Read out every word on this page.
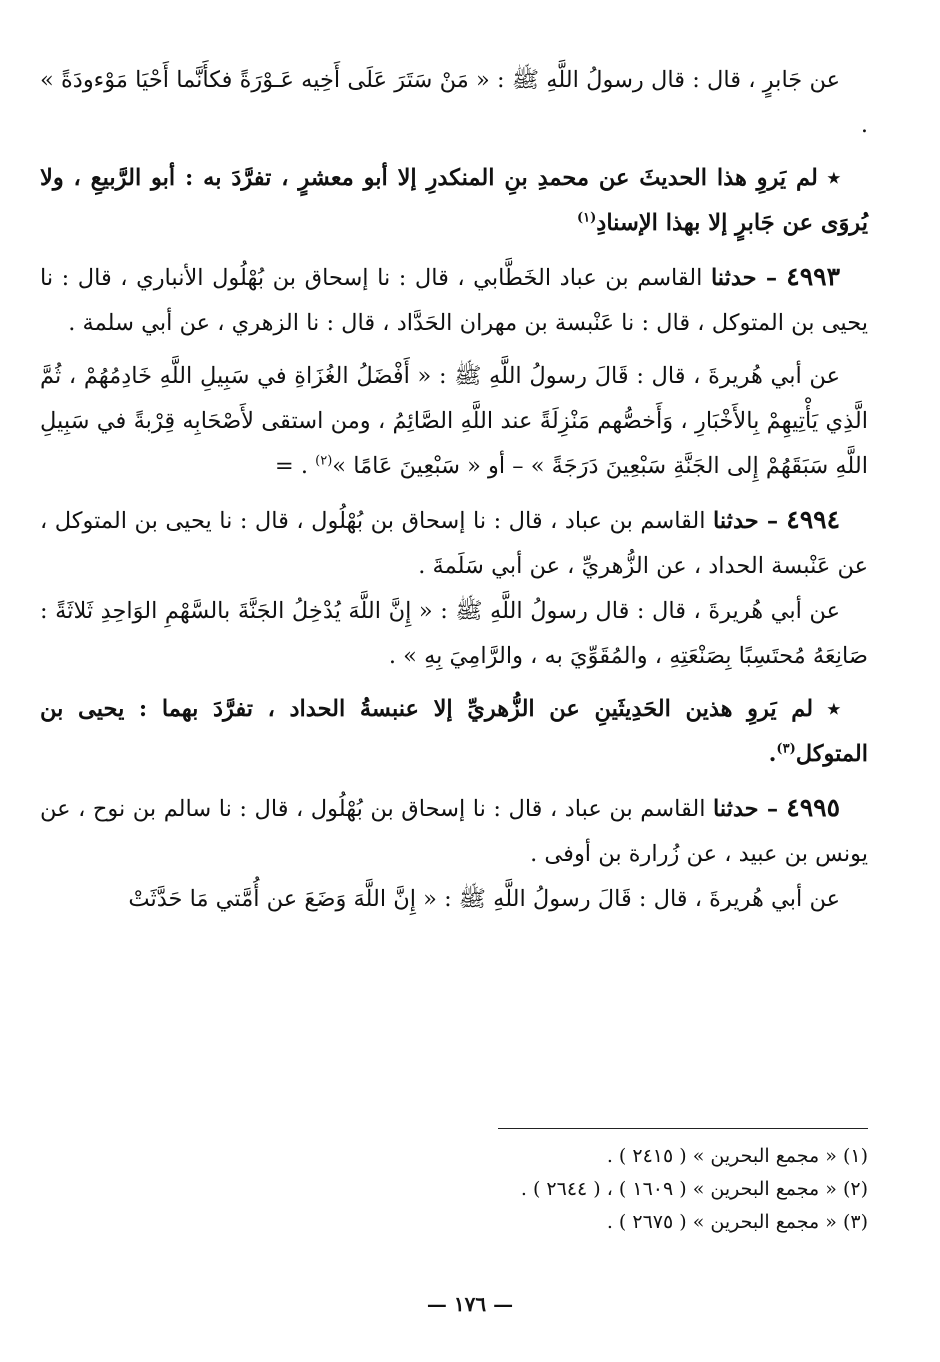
عن جَابرٍ ، قال : قال رسولُ اللَّهِ ﷺ : « مَنْ سَتَرَ عَلَى أَخِيه عَـوْرَةً فكأَنَّما أَحْيَا مَوْءودَةً » .

٭ لم يَروِ هذا الحديثَ عن محمدِ بنِ المنكدرِ إلا أبو معشرٍ ، تفرَّدَ به : أبو الرَّبيعِ ، ولا يُروَى عن جَابرٍ إلا بهذا الإسنادِ$^{(١)}$

٤٩٩٣ – حدثنا القاسم بن عباد الخَطَّابي ، قال : نا إسحاق بن بُهْلُول الأنباري ، قال : نا يحيى بن المتوكل ، قال : نا عَنْبسة بن مهران الحَدَّاد ، قال : نا الزهري ، عن أبي سلمة .

عن أبي هُريرةَ ، قال : قَالَ رسولُ اللَّهِ ﷺ : « أَفْضَلُ الغُزَاةِ في سَبِيلِ اللَّهِ خَادِمُهُمْ ، ثُمَّ الَّذِي يَأْتِيهِمْ بِالأَخْبَارِ ، وَأَخصُّهم مَنْزِلَةً عند اللَّهِ الصَّائِمُ ، ومن استقى لأَصْحَابِه قِرْبةً في سَبِيلِ اللَّهِ سَبَقَهُمْ إِلى الجَنَّةِ سَبْعِينَ دَرَجَةً » – أو « سَبْعِينَ عَامًا »$^{(٢)}$ . =

٤٩٩٤ – حدثنا القاسم بن عباد ، قال : نا إسحاق بن بُهْلُول ، قال : نا يحيى بن المتوكل ، عن عَنْبسة الحداد ، عن الزُّهريِّ ، عن أبي سَلَمةَ .

عن أبي هُريرةَ ، قال : قال رسولُ اللَّهِ ﷺ : « إِنَّ اللَّهَ يُدْخِلُ الجَنَّةَ بالسَّهْمِ الوَاحِدِ ثَلاثَةً : صَانِعَهُ مُحتَسِبًا بِصَنْعَتِهِ ، والمُقَوِّيَ به ، والرَّامِيَ بِهِ » .

٭ لم يَروِ هذين الحَدِيثَينِ عن الزُّهريِّ إلا عنبسةُ الحداد ، تفرَّدَ بهما : يحيى بن المتوكل$^{(٣)}$.

٤٩٩٥ – حدثنا القاسم بن عباد ، قال : نا إسحاق بن بُهْلُول ، قال : نا سالم بن نوح ، عن يونس بن عبيد ، عن زُرارة بن أوفى .

عن أبي هُريرةَ ، قال : قَالَ رسولُ اللَّهِ ﷺ : « إِنَّ اللَّهَ وَضَعَ عن أُمَّتي مَا حَدَّثَتْ

(١) « مجمع البحرين » ( ٢٤١٥ ) .
(٢) « مجمع البحرين » ( ١٦٠٩ ) ، ( ٢٦٤٤ ) .
(٣) « مجمع البحرين » ( ٢٦٧٥ ) .
— ١٧٦ —
